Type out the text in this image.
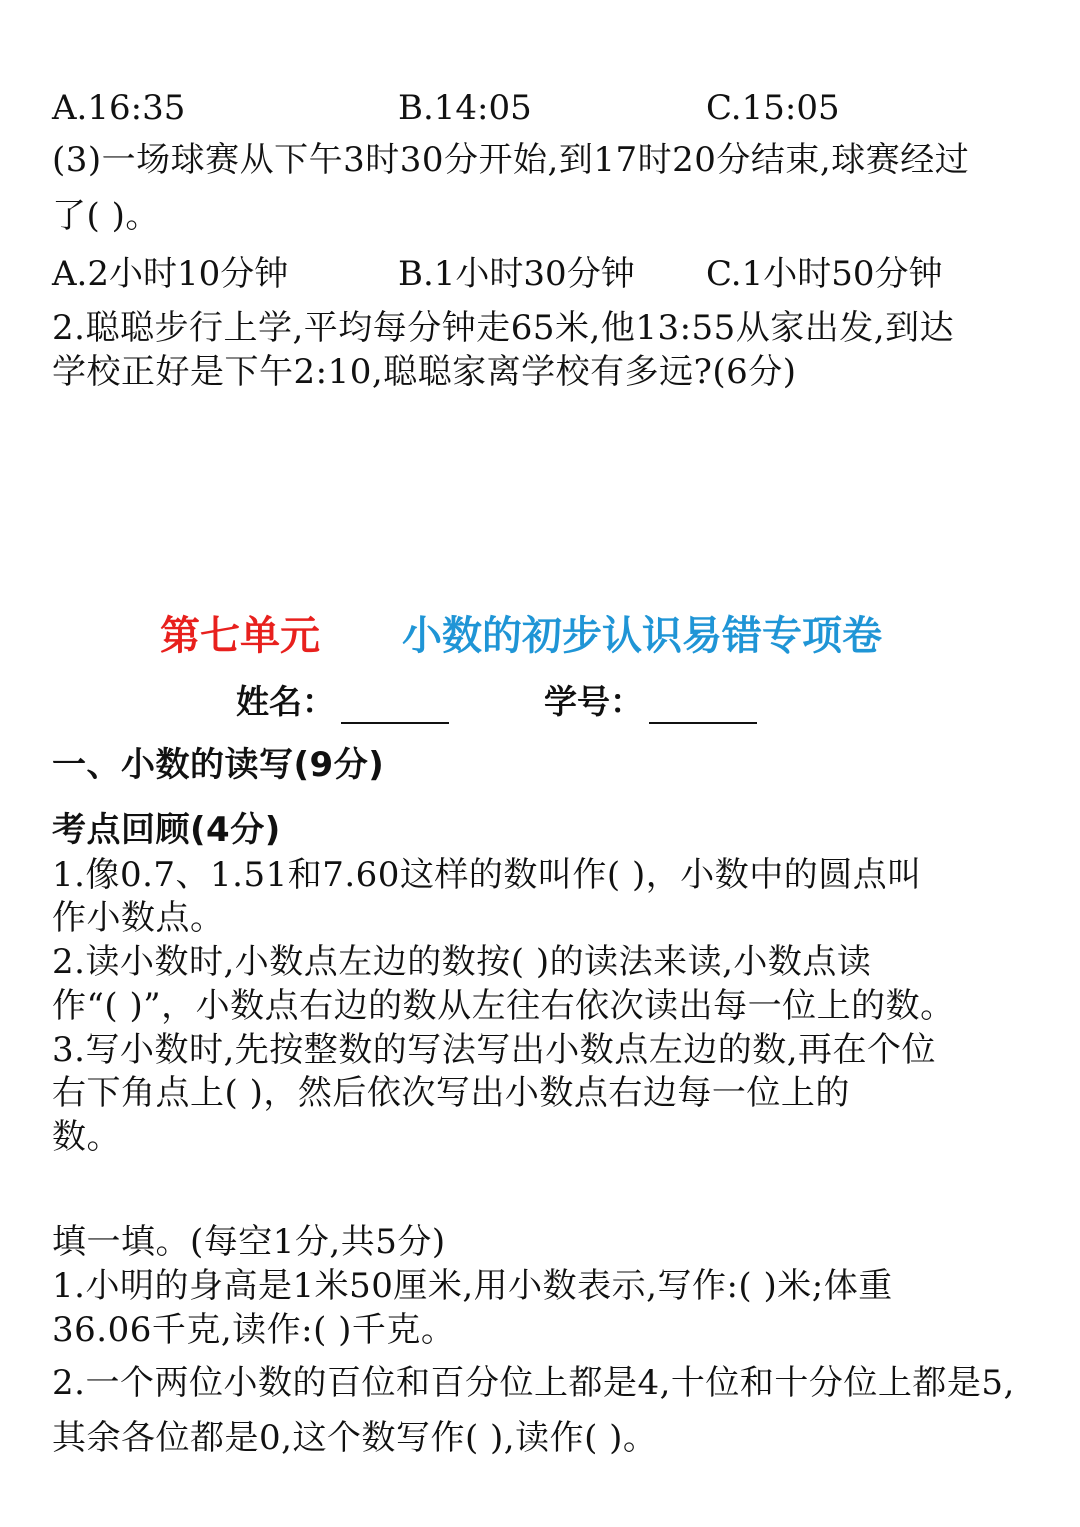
A.16:35	B.14:05	C.15:05
(3)一场球赛从下午3时30分开始,到17时20分结束,球赛经过
了( )。
A.2小时10分钟	B.1小时30分钟 C.1小时50分钟
2.聪聪步行上学,平均每分钟走65米,他13:55从家出发,到达
学校正好是下午2:10,聪聪家离学校有多远?(6分)
第七单元 小数的初步认识易错专项卷
姓名：	学号：
一、小数的读写(9分)
考点回顾(4分)
1.像0.7、1.51和7.60这样的数叫作( )，小数中的圆点叫
作小数点。
2.读小数时,小数点左边的数按( )的读法来读,小数点读
作“( )”，小数点右边的数从左往右依次读出每一位上的数。
3.写小数时,先按整数的写法写出小数点左边的数,再在个位
右下角点上( )，然后依次写出小数点右边每一位上的
数。
填一填。(每空1分,共5分)
1.小明的身高是1米50厘米,用小数表示,写作:( )米;体重
36.06千克,读作:( )千克。
2.一个两位小数的百位和百分位上都是4,十位和十分位上都是5,
其余各位都是0,这个数写作( ),读作( )。
